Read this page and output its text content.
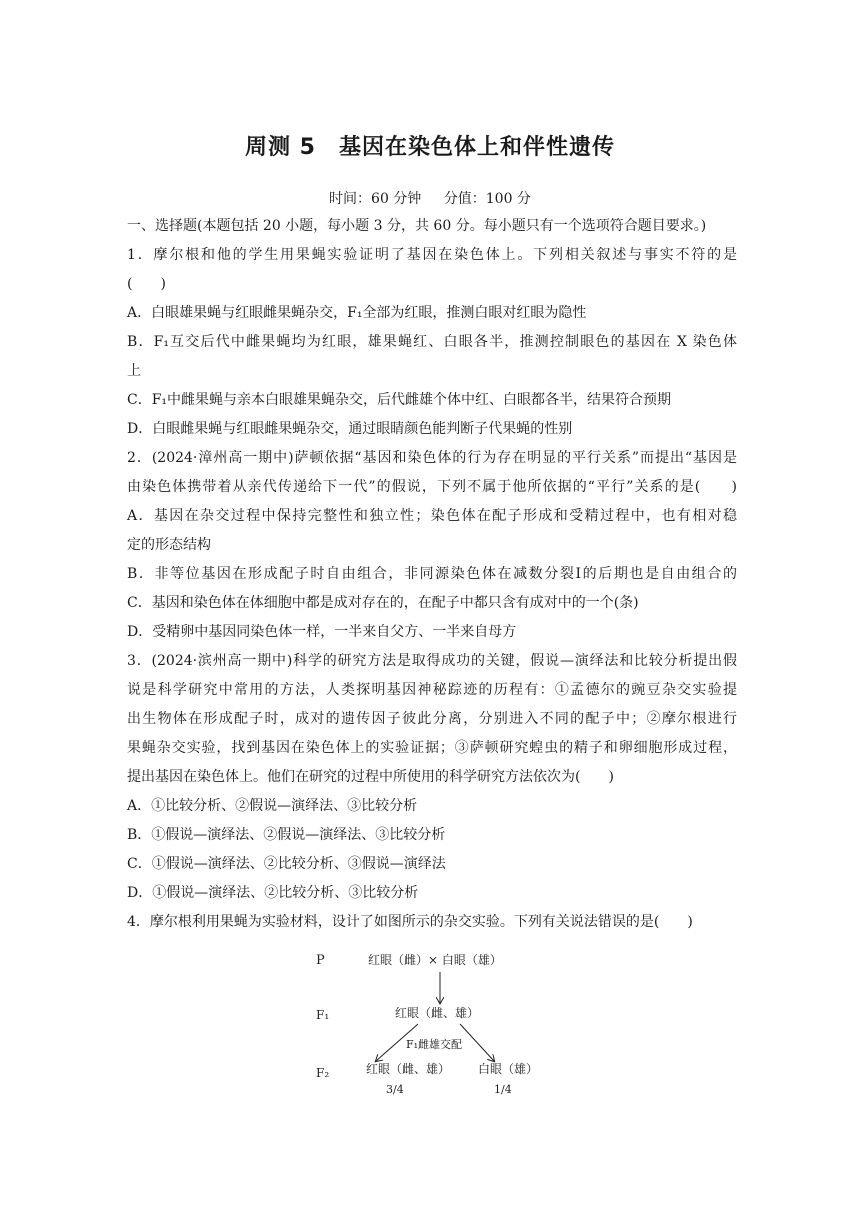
周测 5　基因在染色体上和伴性遗传
时间：60 分钟 分值：100 分
一、选择题(本题包括 20 小题，每小题 3 分，共 60 分。每小题只有一个选项符合题目要求。)
1．摩尔根和他的学生用果蝇实验证明了基因在染色体上。下列相关叙述与事实不符的是
(　　)
A．白眼雄果蝇与红眼雌果蝇杂交，F₁全部为红眼，推测白眼对红眼为隐性
B．F₁互交后代中雌果蝇均为红眼，雄果蝇红、白眼各半，推测控制眼色的基因在 X 染色体
上
C．F₁中雌果蝇与亲本白眼雄果蝇杂交，后代雌雄个体中红、白眼都各半，结果符合预期
D．白眼雌果蝇与红眼雌果蝇杂交，通过眼睛颜色能判断子代果蝇的性别
2．(2024·漳州高一期中)萨顿依据“基因和染色体的行为存在明显的平行关系”而提出“基因是
由染色体携带着从亲代传递给下一代”的假说，下列不属于他所依据的“平行”关系的是(　　)
A．基因在杂交过程中保持完整性和独立性；染色体在配子形成和受精过程中，也有相对稳
定的形态结构
B．非等位基因在形成配子时自由组合，非同源染色体在减数分裂Ⅰ的后期也是自由组合的
C．基因和染色体在体细胞中都是成对存在的，在配子中都只含有成对中的一个(条)
D．受精卵中基因同染色体一样，一半来自父方、一半来自母方
3．(2024·滨州高一期中)科学的研究方法是取得成功的关键，假说—演绎法和比较分析提出假
说是科学研究中常用的方法，人类探明基因神秘踪迹的历程有：①孟德尔的豌豆杂交实验提
出生物体在形成配子时，成对的遗传因子彼此分离，分别进入不同的配子中；②摩尔根进行
果蝇杂交实验，找到基因在染色体上的实验证据；③萨顿研究蝗虫的精子和卵细胞形成过程，
提出基因在染色体上。他们在研究的过程中所使用的科学研究方法依次为(　　)
A．①比较分析、②假说—演绎法、③比较分析
B．①假说—演绎法、②假说—演绎法、③比较分析
C．①假说—演绎法、②比较分析、③假说—演绎法
D．①假说—演绎法、②比较分析、③比较分析
4．摩尔根利用果蝇为实验材料，设计了如图所示的杂交实验。下列有关说法错误的是(　　)
P	红眼（雌）× 白眼（雄）
F₁	红眼（雌、雄）
F₁雌雄交配
F₂	红眼（雌、雄） 白眼（雄）
3/4	1/4
